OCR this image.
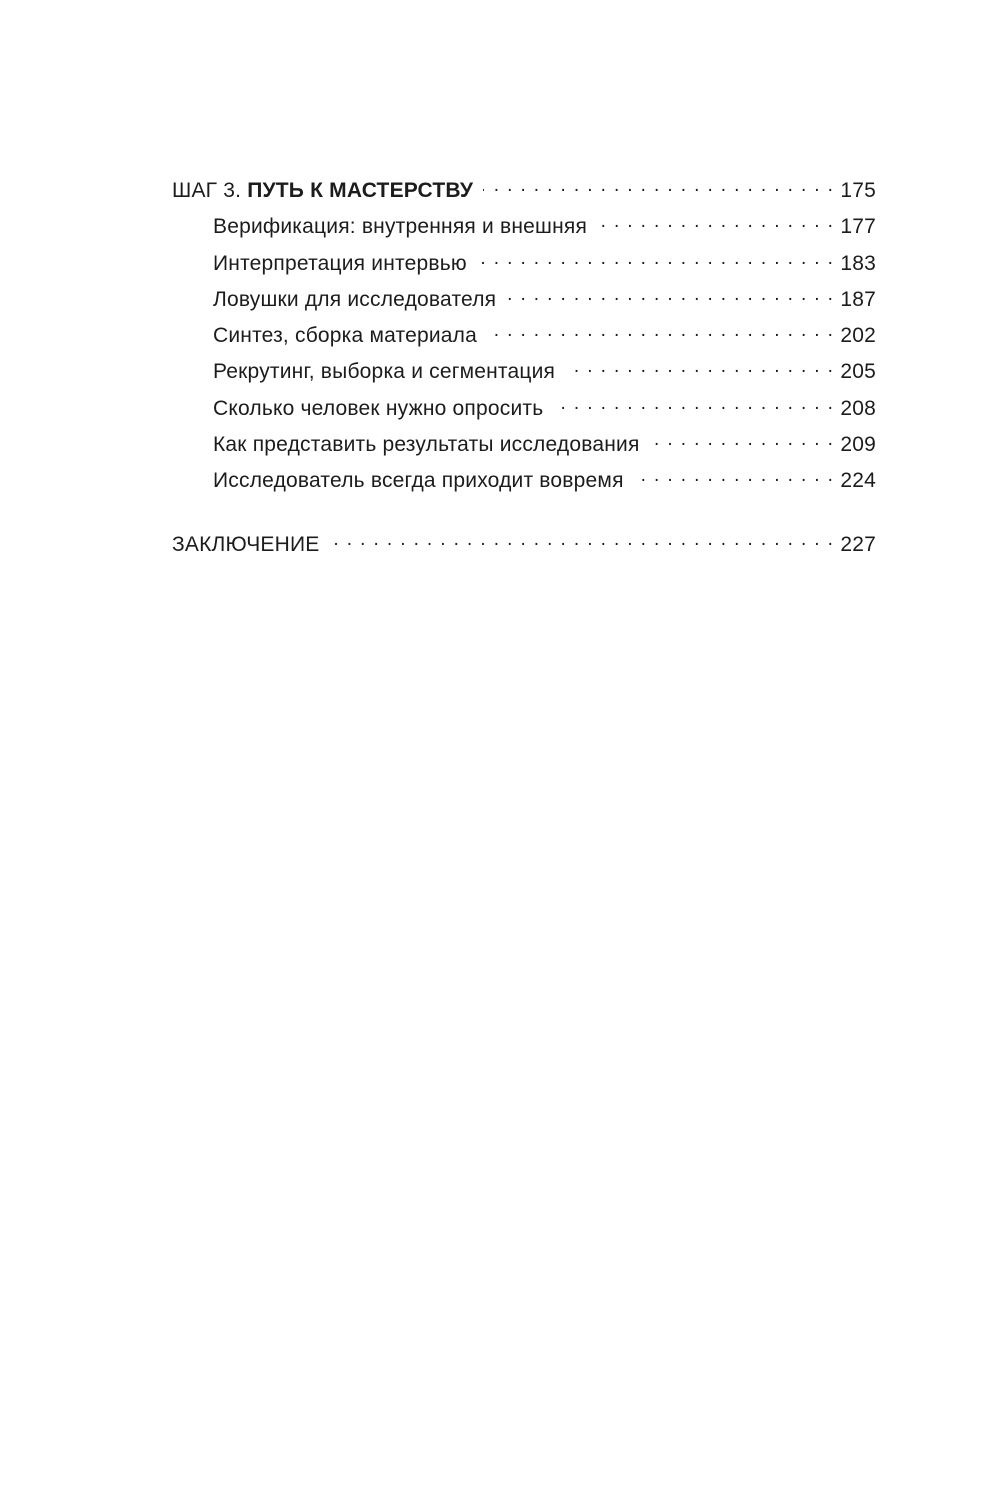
ШАГ 3. ПУТЬ К МАСТЕРСТВУ . . .	175
Верификация: внутренняя и внешняя . . .	177
Интерпретация интервью . . .	183
Ловушки для исследователя . . .	187
Синтез, сборка материала . . .	202
Рекрутинг, выборка и сегментация . . .	205
Сколько человек нужно опросить . . .	208
Как представить результаты исследования . . .	209
Исследователь всегда приходит вовремя . . .	224
ЗАКЛЮЧЕНИЕ . . .	227
